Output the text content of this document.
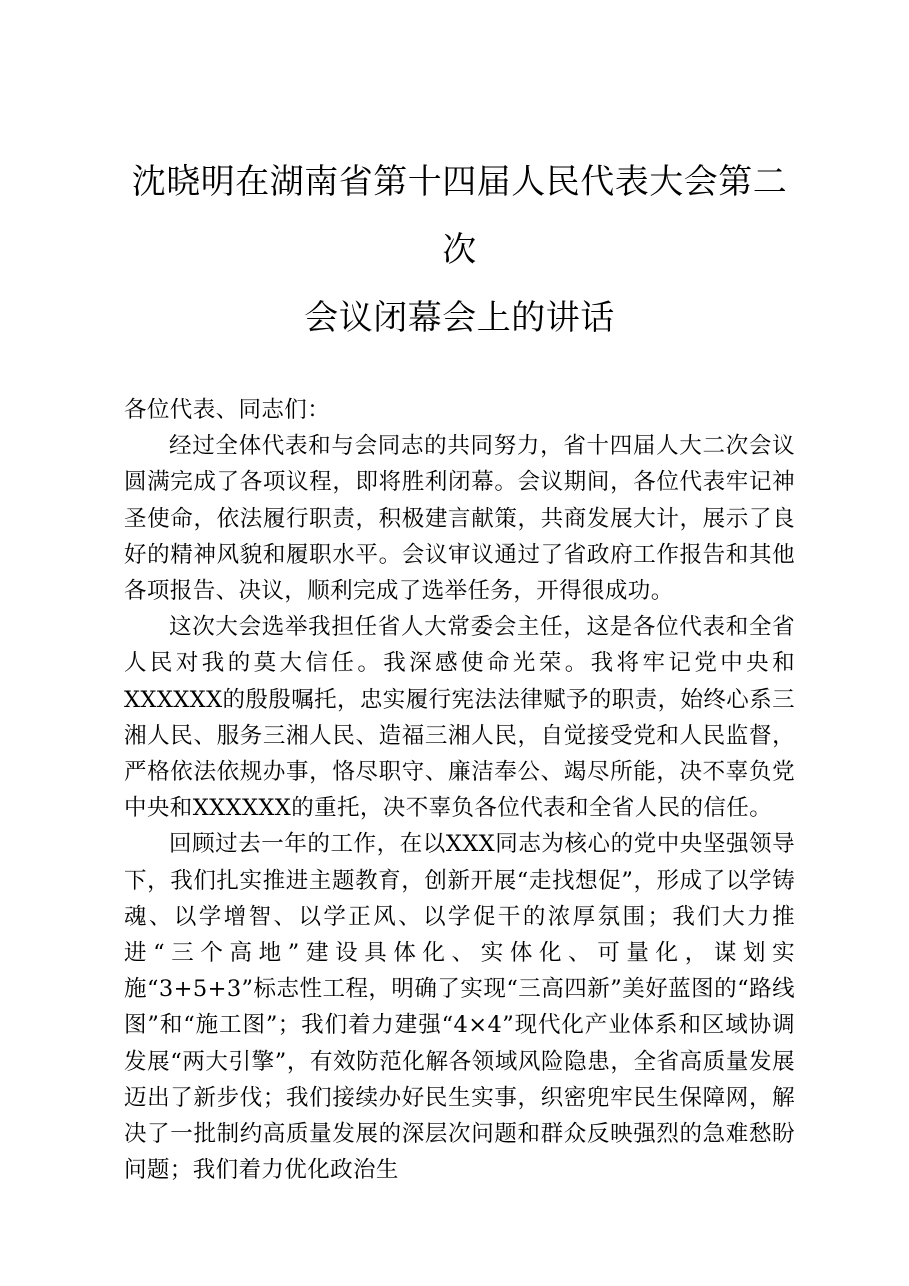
沈晓明在湖南省第十四届人民代表大会第二次
会议闭幕会上的讲话

各位代表、同志们：

经过全体代表和与会同志的共同努力，省十四届人大二次会议圆满完成了各项议程，即将胜利闭幕。会议期间，各位代表牢记神圣使命，依法履行职责，积极建言献策，共商发展大计，展示了良好的精神风貌和履职水平。会议审议通过了省政府工作报告和其他各项报告、决议，顺利完成了选举任务，开得很成功。

这次大会选举我担任省人大常委会主任，这是各位代表和全省人民对我的莫大信任。我深感使命光荣。我将牢记党中央和XXXXXX的殷殷嘱托，忠实履行宪法法律赋予的职责，始终心系三湘人民、服务三湘人民、造福三湘人民，自觉接受党和人民监督，严格依法依规办事，恪尽职守、廉洁奉公、竭尽所能，决不辜负党中央和XXXXXX的重托，决不辜负各位代表和全省人民的信任。

回顾过去一年的工作，在以XXX同志为核心的党中央坚强领导下，我们扎实推进主题教育，创新开展“走找想促”，形成了以学铸魂、以学增智、以学正风、以学促干的浓厚氛围；我们大力推进“三个高地”建设具体化、实体化、可量化，谋划实施“3+5+3”标志性工程，明确了实现“三高四新”美好蓝图的“路线图”和“施工图”；我们着力建强“4×4”现代化产业体系和区域协调发展“两大引擎”，有效防范化解各领域风险隐患，全省高质量发展迈出了新步伐；我们接续办好民生实事，织密兜牢民生保障网，解决了一批制约高质量发展的深层次问题和群众反映强烈的急难愁盼问题；我们着力优化政治生
